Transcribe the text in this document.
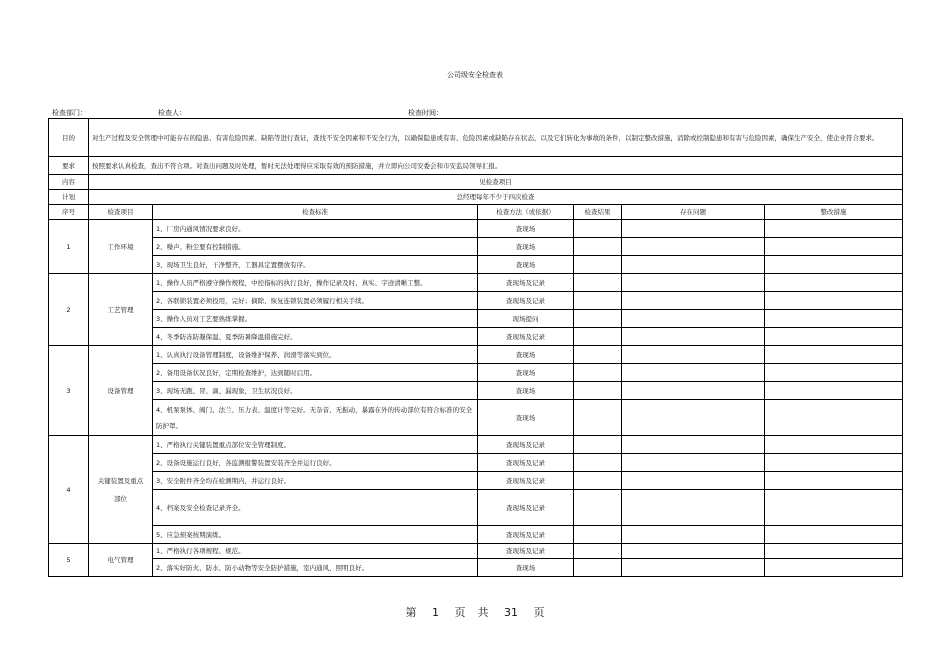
公司级安全检查表
检查部门：	检查人：	检查时间：
目的	对生产过程及安全管理中可能存在的隐患、有害危险因素、缺陷等进行查证，查找不安全因素和不安全行为，以确保隐患或有害、危险因素或缺陷存在状态，以及它们转化为事故的条件，以制定整改措施，消除或控制隐患和有害与危险因素，确保生产安全，使企业符合要求。					
要求	按照要求认真检查，查出不符合项。对查出问题及时处理，暂时无法处理得应采取有效的预防措施，并立即向公司安委会和市安监局领导汇报。					
内容	见检查项目					
计划	总经理每年不少于四次检查					
序号	检查项目	检查标准	检查方法（或依据）	检查结果	存在问题	整改措施
1	工作环境	1、厂房内通风情况要求良好。	查现场			
		2、噪声、粉尘要有控制措施。	查现场			
		3、现场卫生良好，干净整齐，工器具定置摆放有序。	查现场			
2	工艺管理	1、操作人员严格遵守操作规程，中控指标的执行良好，操作记录及时、真实、字迹清晰工整。	查现场及记录			
		2、各联锁装置必须投用，完好；摘除、恢复连锁装置必须履行相关手续。	查现场及记录			
		3、操作人员对工艺要熟练掌握。	现场提问			
		4、冬季防冻防凝保温、夏季防暑降温措施完好。	查现场及记录			
3	设备管理	1、认真执行设备管理制度，设备维护保养、润滑等落实到位。	查现场			
		2、备用设备状况良好，定期检查维护，达到随时启用。	查现场			
		3、现场无跑、冒、滴、漏现象，卫生状况良好。	查现场			
		4、机泵泵体、阀门、法兰、压力表、温度计等完好。无杂音、无振动，暴露在外的传动部位有符合标准的安全防护罩。	查现场			
4	关键装置及重点部位	1、严格执行关键装置重点部位安全管理制度。	查现场及记录			
		2、设备设施运行良好，各监测报警装置安装齐全并运行良好。	查现场及记录			
		3、安全附件齐全均在检测期内，并运行良好。	查现场及记录			
		4、档案及安全检查记录齐全。	查现场及记录			
		5、应急预案按期演练。	查现场及记录			
5	电气管理	1、严格执行各项规程、规范。	查现场及记录			
		2、落实好防火、防水、防小动物等安全防护措施，室内通风、照明良好。	查现场			
第 1 页 共 31 页
